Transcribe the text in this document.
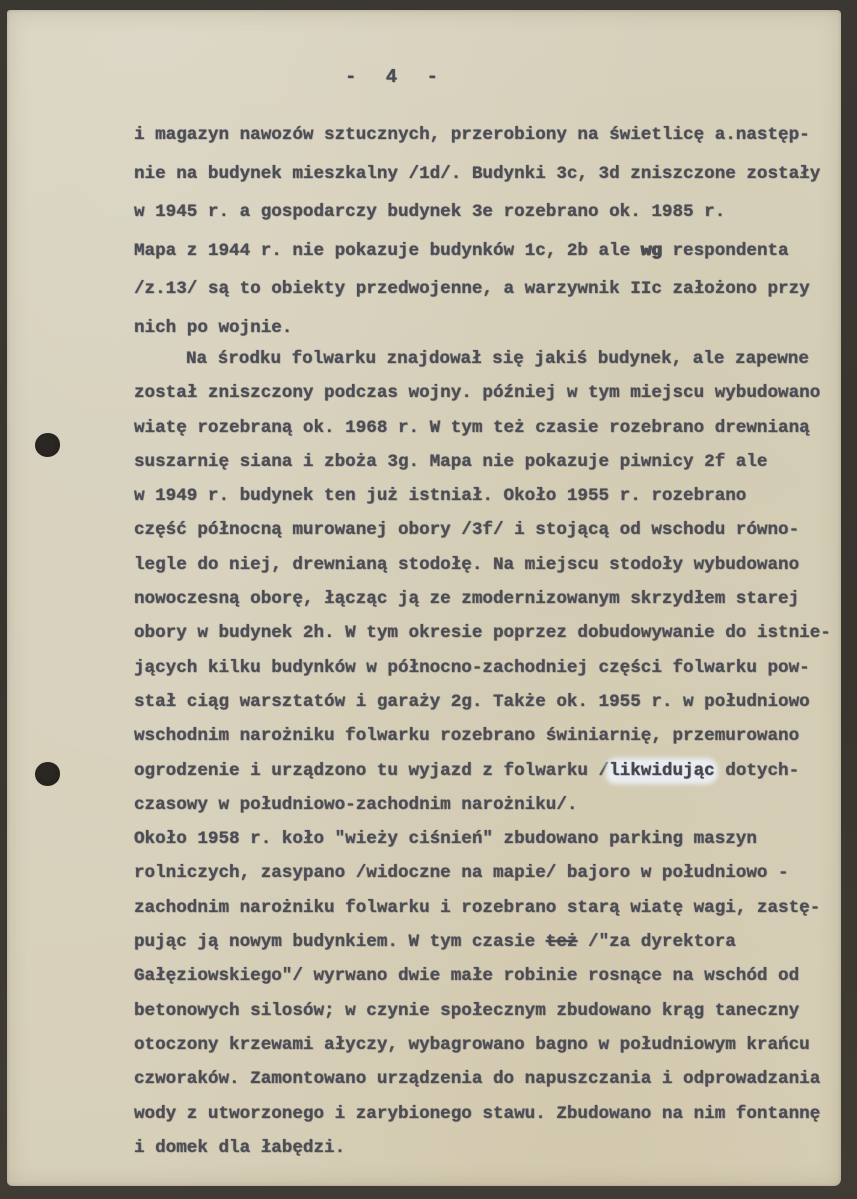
- 4 -
i magazyn nawozów sztucznych, przerobiony na świetlicę a.następ-
nie na budynek mieszkalny /1d/. Budynki 3c, 3d zniszczone zostały
w 1945 r. a gospodarczy budynek 3e rozebrano ok. 1985 r.
Mapa z 1944 r. nie pokazuje budynków 1c, 2b ale wg respondenta
/z.13/ są to obiekty przedwojenne, a warzywnik IIc założono przy
nich po wojnie.
Na środku folwarku znajdował się jakiś budynek, ale zapewne
został zniszczony podczas wojny. później w tym miejscu wybudowano
wiatę rozebraną ok. 1968 r. W tym też czasie rozebrano drewnianą
suszarnię siana i zboża 3g. Mapa nie pokazuje piwnicy 2f ale
w 1949 r. budynek ten już istniał. Około 1955 r. rozebrano
część północną murowanej obory /3f/ i stojącą od wschodu równo-
legle do niej, drewnianą stodołę. Na miejscu stodoły wybudowano
nowoczesną oborę, łącząc ją ze zmodernizowanym skrzydłem starej
obory w budynek 2h. W tym okresie poprzez dobudowywanie do istnie-
jących kilku budynków w północno-zachodniej części folwarku pow-
stał ciąg warsztatów i garaży 2g. Także ok. 1955 r. w południowo
wschodnim narożniku folwarku rozebrano świniarnię, przemurowano
ogrodzenie i urządzono tu wyjazd z folwarku /likwidując dotych-
czasowy w południowo-zachodnim narożniku/.
Około 1958 r. koło "wieży ciśnień" zbudowano parking maszyn
rolniczych, zasypano /widoczne na mapie/ bajoro w południowo -
zachodnim narożniku folwarku i rozebrano starą wiatę wagi, zastę-
pując ją nowym budynkiem. W tym czasie też /"za dyrektora
Gałęziowskiego"/ wyrwano dwie małe robinie rosnące na wschód od
betonowych silosów; w czynie społecznym zbudowano krąg taneczny
otoczony krzewami ałyczy, wybagrowano bagno w południowym krańcu
czworaków. Zamontowano urządzenia do napuszczania i odprowadzania
wody z utworzonego i zarybionego stawu. Zbudowano na nim fontannę
i domek dla łabędzi.
